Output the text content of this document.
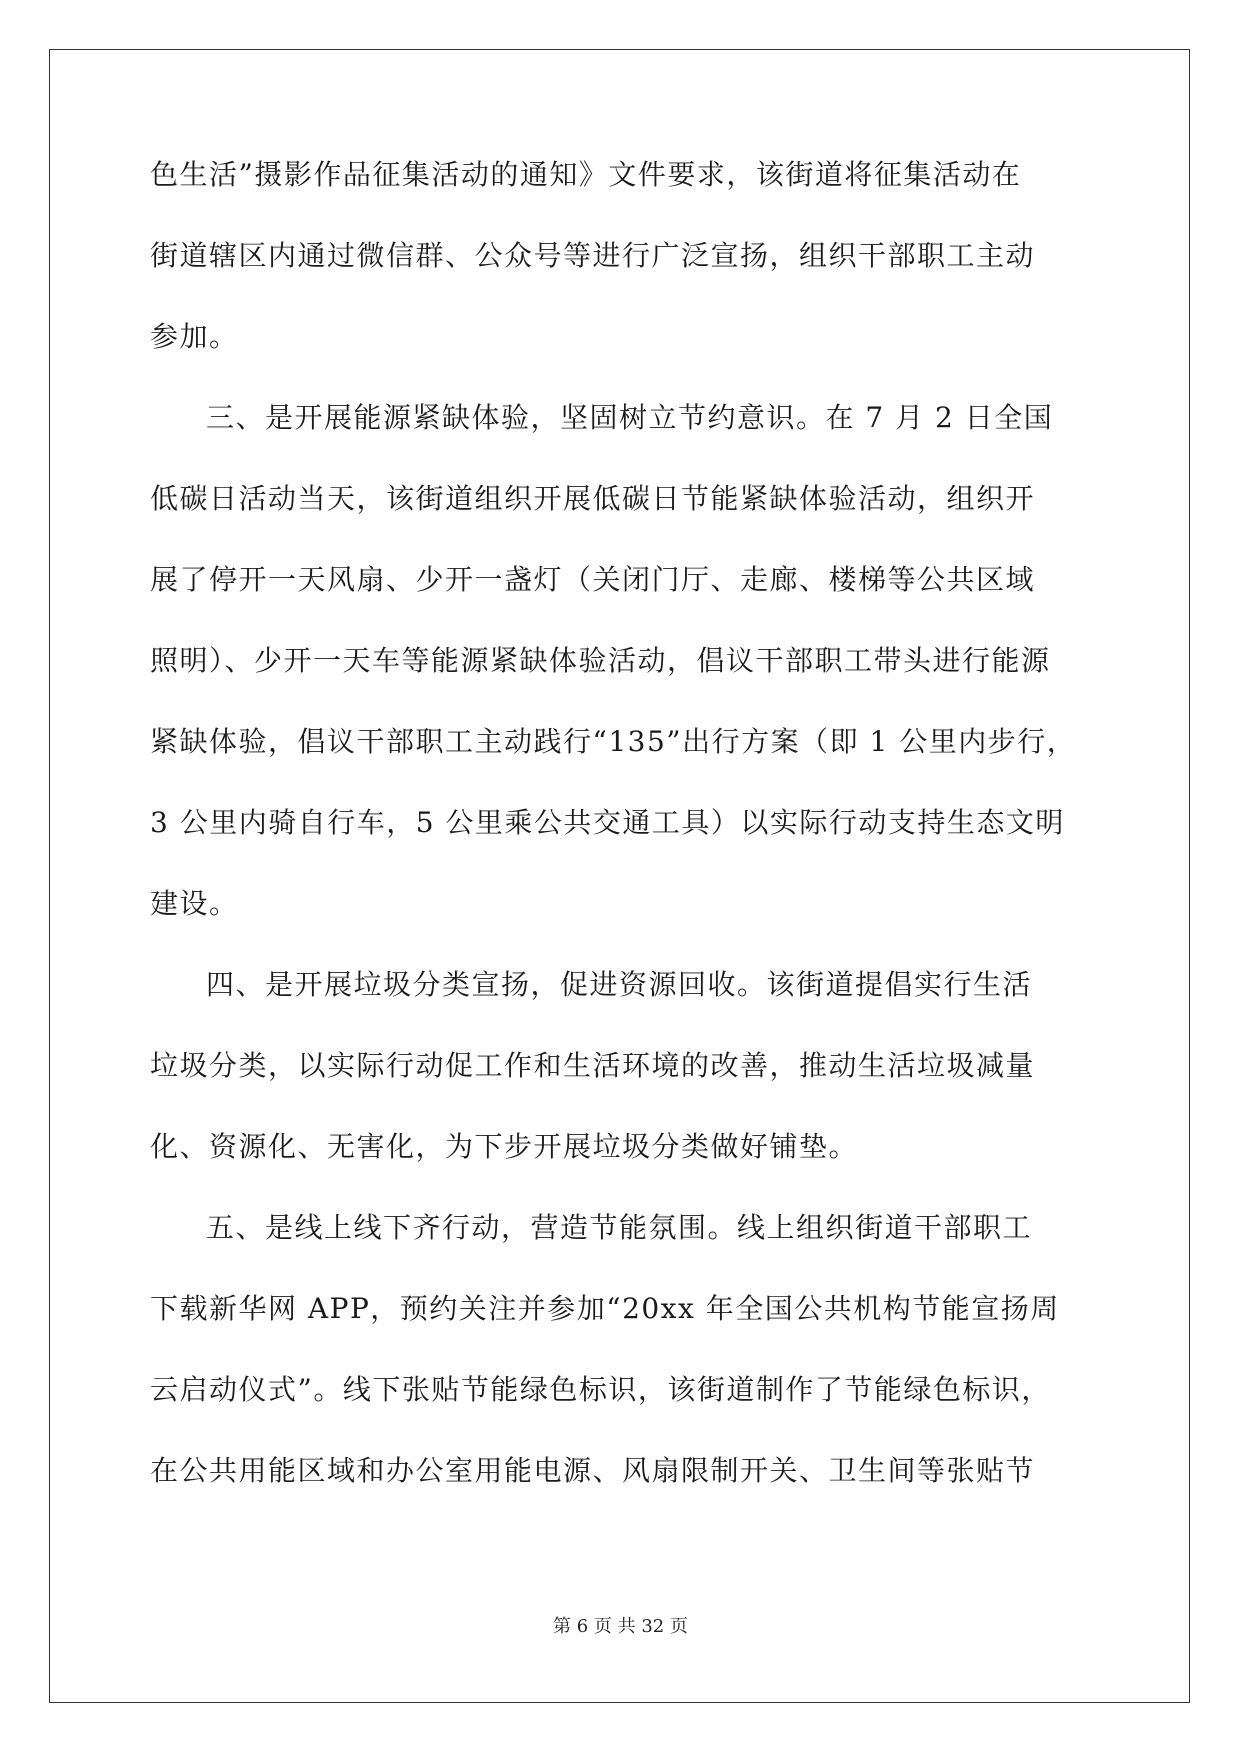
色生活”摄影作品征集活动的通知》文件要求，该街道将征集活动在
街道辖区内通过微信群、公众号等进行广泛宣扬，组织干部职工主动
参加。
三、是开展能源紧缺体验，坚固树立节约意识。在 7 月 2 日全国
低碳日活动当天，该街道组织开展低碳日节能紧缺体验活动，组织开
展了停开一天风扇、少开一盏灯（关闭门厅、走廊、楼梯等公共区域
照明）、少开一天车等能源紧缺体验活动，倡议干部职工带头进行能源
紧缺体验，倡议干部职工主动践行“135”出行方案（即 1 公里内步行，
3 公里内骑自行车，5 公里乘公共交通工具）以实际行动支持生态文明
建设。
四、是开展垃圾分类宣扬，促进资源回收。该街道提倡实行生活
垃圾分类，以实际行动促工作和生活环境的改善，推动生活垃圾减量
化、资源化、无害化，为下步开展垃圾分类做好铺垫。
五、是线上线下齐行动，营造节能氛围。线上组织街道干部职工
下载新华网 APP，预约关注并参加“20xx 年全国公共机构节能宣扬周
云启动仪式”。线下张贴节能绿色标识，该街道制作了节能绿色标识，
在公共用能区域和办公室用能电源、风扇限制开关、卫生间等张贴节
第 6 页 共 32 页
